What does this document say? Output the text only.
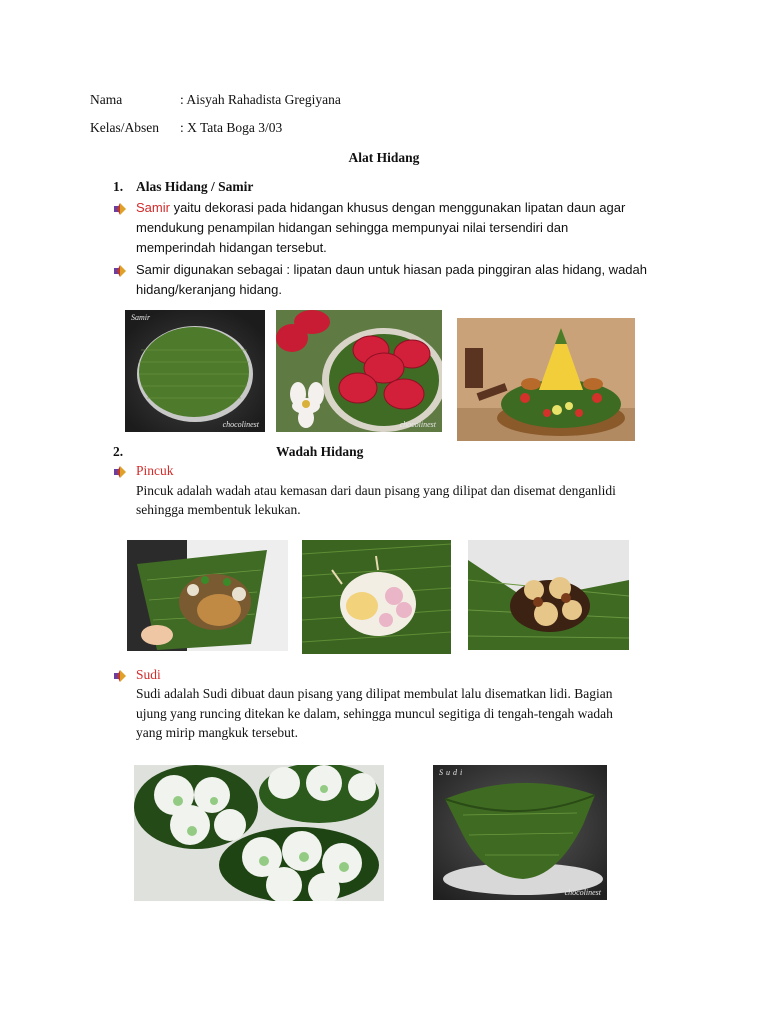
Nama	: Aisyah Rahadista Gregiyana
Kelas/Absen : X Tata Boga 3/03
Alat Hidang
1. Alas Hidang / Samir
Samir yaitu dekorasi pada hidangan khusus dengan menggunakan lipatan daun agar
mendukung penampilan hidangan sehingga mempunyai nilai tersendiri dan
memperindah hidangan tersebut.
Samir digunakan sebagai : lipatan daun untuk hiasan pada pinggiran alas hidang, wadah
hidang/keranjang hidang.
Samir
chocolinest	chocolinest
2.	Wadah Hidang
Pincuk
Pincuk adalah wadah atau kemasan dari daun pisang yang dilipat dan disemat denganlidi
sehingga membentuk lekukan.
Sudi
Sudi adalah Sudi dibuat daun pisang yang dilipat membulat lalu disematkan lidi. Bagian
ujung yang runcing ditekan ke dalam, sehingga muncul segitiga di tengah-tengah wadah
yang mirip mangkuk tersebut.
Sudi
chocolinest
